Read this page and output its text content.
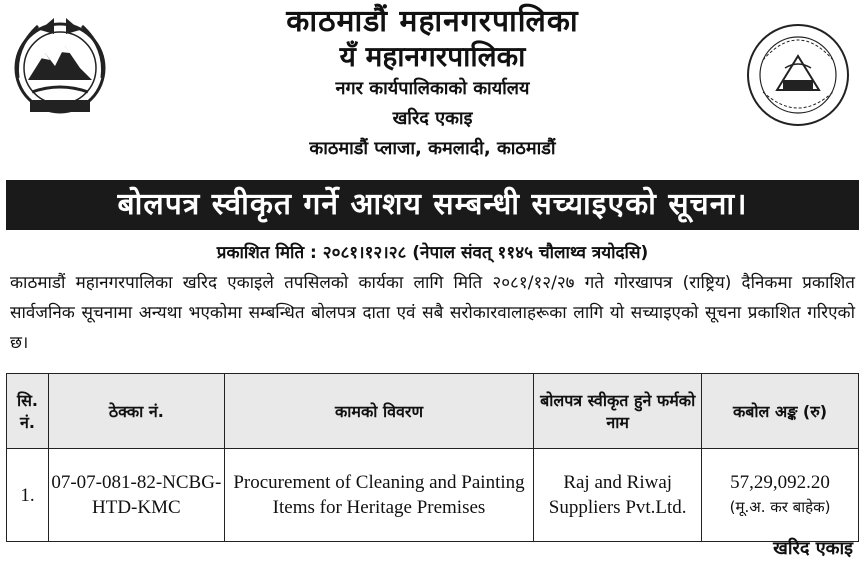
काठमाडौं महानगरपालिका
यँ महानगरपालिका
नगर कार्यपालिकाको कार्यालय
खरिद एकाइ
काठमाडौं प्लाजा, कमलादी, काठमाडौं
बोलपत्र स्वीकृत गर्ने आशय सम्बन्धी सच्याइएको सूचना।
प्रकाशित मिति : २०८१।१२।२८ (नेपाल संवत् ११४५ चौलाथ्व त्रयोदसि)
काठमाडौं महानगरपालिका खरिद एकाइले तपसिलको कार्यका लागि मिति २०८१/१२/२७ गते गोरखापत्र (राष्ट्रिय) दैनिकमा प्रकाशित सार्वजनिक सूचनामा अन्यथा भएकोमा सम्बन्धित बोलपत्र दाता एवं सबै सरोकारवालाहरूका लागि यो सच्याइएको सूचना प्रकाशित गरिएको छ।
सि. नं.	ठेक्का नं.	कामको विवरण	बोलपत्र स्वीकृत हुने फर्मको नाम	कबोल अङ्क (रु)
1.	07-07-081-82-NCBG-HTD-KMC	Procurement of Cleaning and Painting Items for Heritage Premises	Raj and Riwaj Suppliers Pvt.Ltd.	57,29,092.20
(मू.अ. कर बाहेक)
खरिद एकाइ
